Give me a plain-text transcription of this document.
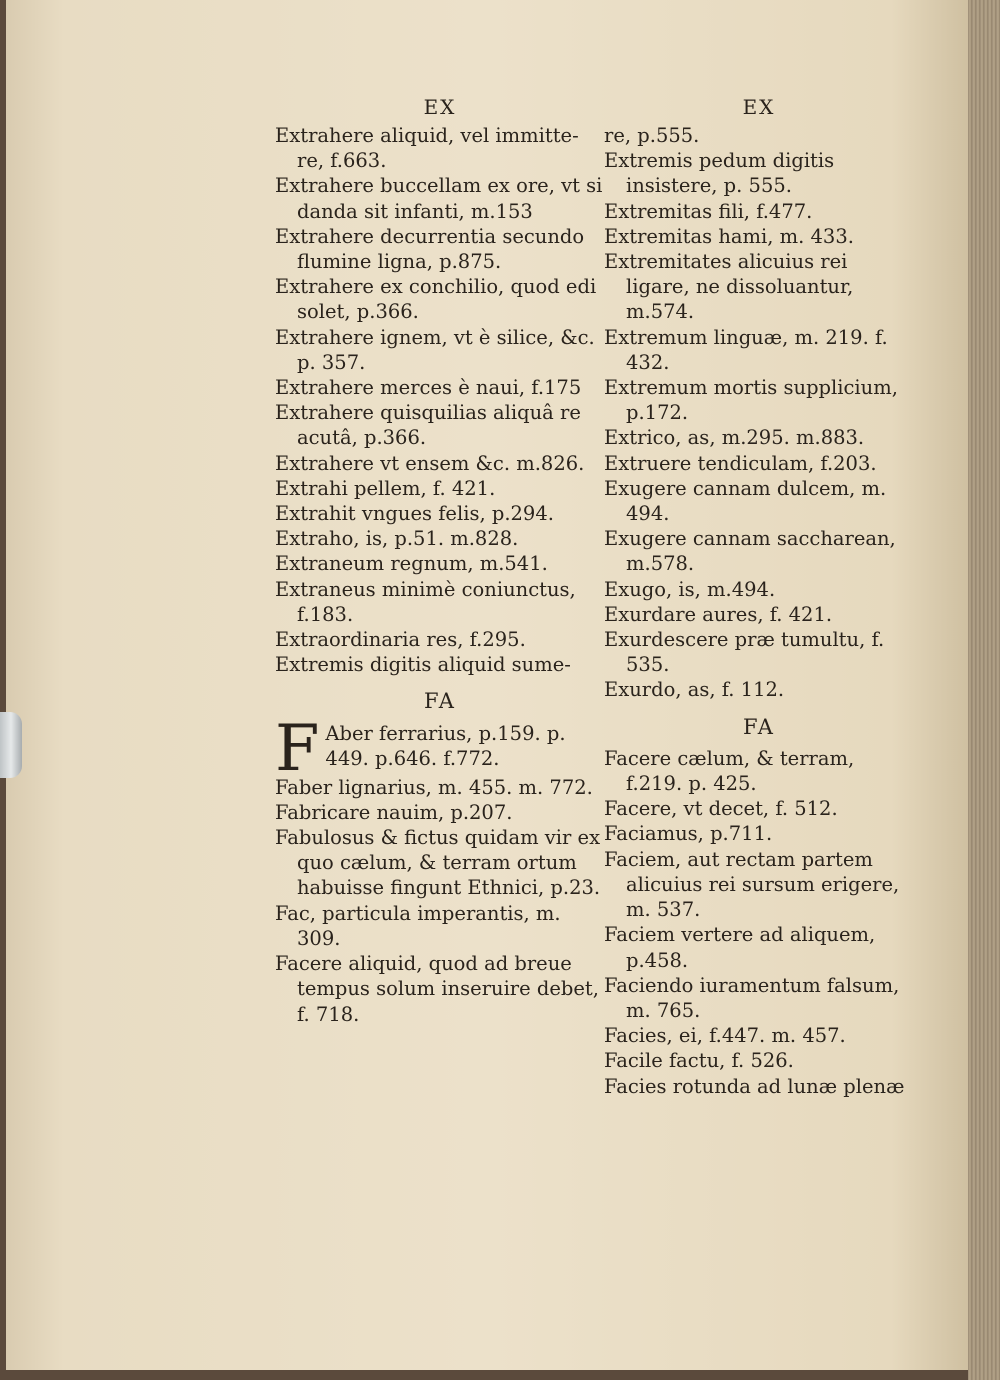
EX

Extrahere aliquid, vel immitte-re, f.663.

Extrahere buccellam ex ore, vt si danda sit infanti, m.153

Extrahere decurrentia secundo flumine ligna, p.875.

Extrahere ex conchilio, quod edi solet, p.366.

Extrahere ignem, vt è silice, &c. p. 357.

Extrahere merces è naui, f.175

Extrahere quisquilias aliquâ re acutâ, p.366.

Extrahere vt ensem &c. m.826.

Extrahi pellem, f. 421.

Extrahit vngues felis, p.294.

Extraho, is, p.51. m.828.

Extraneum regnum, m.541.

Extraneus minimè coniunctus, f.183.

Extraordinaria res, f.295.

Extremis digitis aliquid sume-

FA

F Aber ferrarius, p.159. p. 449. p.646. f.772.

Faber lignarius, m. 455. m. 772.

Fabricare nauim, p.207.

Fabulosus & fictus quidam vir ex quo cælum, & terram ortum habuisse fingunt Ethnici, p.23.

Fac, particula imperantis, m. 309.

Facere aliquid, quod ad breue tempus solum inseruire debet, f. 718.

EX

re, p.555.

Extremis pedum digitis insistere, p. 555.

Extremitas fili, f.477.

Extremitas hami, m. 433.

Extremitates alicuius rei ligare, ne dissoluantur, m.574.

Extremum linguæ, m. 219. f. 432.

Extremum mortis supplicium, p.172.

Extrico, as, m.295. m.883.

Extruere tendiculam, f.203.

Exugere cannam dulcem, m. 494.

Exugere cannam saccharean, m.578.

Exugo, is, m.494.

Exurdare aures, f. 421.

Exurdescere præ tumultu, f. 535.

Exurdo, as, f. 112.

FA

Facere cælum, & terram, f.219. p. 425.

Facere, vt decet, f. 512.

Faciamus, p.711.

Faciem, aut rectam partem alicuius rei sursum erigere, m. 537.

Faciem vertere ad aliquem, p.458.

Faciendo iuramentum falsum, m. 765.

Facies, ei, f.447. m. 457.

Facile factu, f. 526.

Facies rotunda ad lunæ plenæ
